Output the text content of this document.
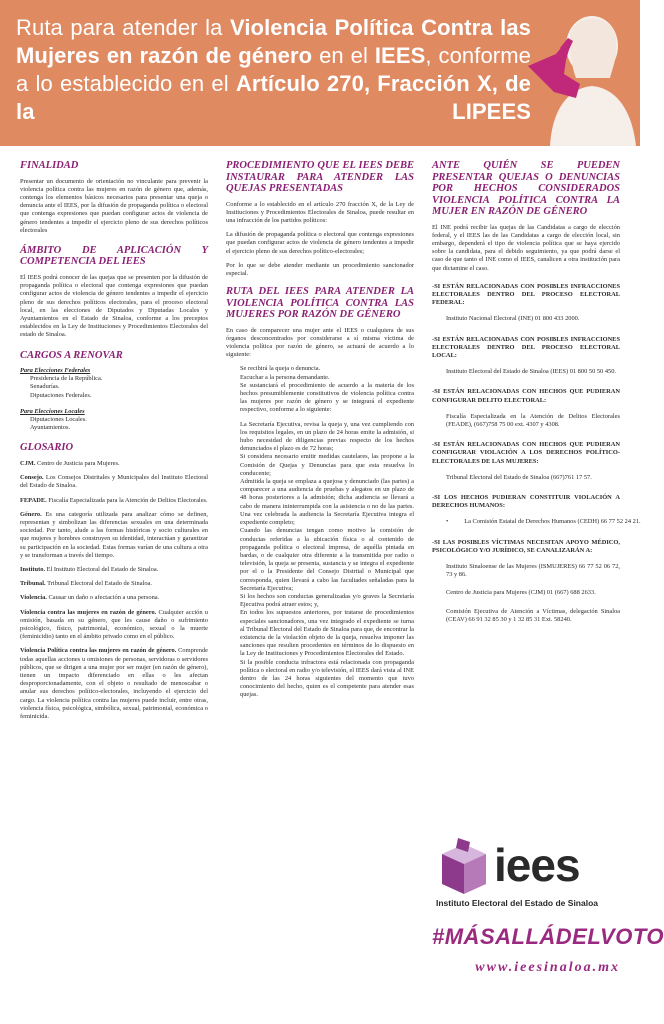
Ruta para atender la Violencia Política Contra las Mujeres en razón de género en el IEES, conforme a lo establecido en el Artículo 270, Fracción X, de la LIPEES
FINALIDAD
Presentar un documento de orientación no vinculante para prevenir la violencia política contra las mujeres en razón de género que, además, contenga los elementos básicos necesarios para presentar una queja o denuncia ante el IEES, por la difusión de propaganda política o electoral que contenga expresiones que puedan configurar actos de violencia de género tendentes a impedir el ejercicio pleno de sus derechos políticos electorales
ÁMBITO DE APLICACIÓN Y COMPETENCIA DEL IEES
El IEES podrá conocer de las quejas que se presenten por la difusión de propaganda política o electoral que contenga expresiones que puedan configurar actos de violencia de género tendentes a impedir el ejercicio pleno de sus derechos políticos electorales, para el proceso electoral local, en las elecciones de Diputados y Diputadas Locales y Ayuntamientos en el Estado de Sinaloa, conforme a los preceptos establecidos en la Ley de Instituciones y Procedimientos Electorales del estado de Sinaloa.
CARGOS A RENOVAR
Para Elecciones Federales
Presidencia de la República.
Senadurías.
Diputaciones Federales.
Para Elecciones Locales
Diputaciones Locales.
Ayuntamientos.
GLOSARIO
CJM. Centro de Justicia para Mujeres.
Consejo. Los Consejos Distritales y Municipales del Instituto Electoral del Estado de Sinaloa.
FEPADE. Fiscalía Especializada para la Atención de Delitos Electorales.
Género. Es una categoría utilizada para analizar cómo se definen, representan y simbolizan las diferencias sexuales en una determinada sociedad. Por tanto, alude a las formas históricas y socio culturales en que mujeres y hombres construyen su identidad, interactúan y garantizar su participación en la sociedad. Estas formas varían de una cultura a otra y se transforman a través del tiempo.
Instituto. El Instituto Electoral del Estado de Sinaloa.
Tribunal. Tribunal Electoral del Estado de Sinaloa.
Violencia. Causar un daño o afectación a una persona.
Violencia contra las mujeres en razón de género. Cualquier acción u omisión, basada en su género, que les cause daño o sufrimiento psicológico, físico, patrimonial, económico, sexual o la muerte (feminicidio) tanto en el ámbito privado como en el público.
Violencia Política contra las mujeres en razón de género. Comprende todas aquellas acciones u omisiones de personas, servidoras o servidores públicos, que se dirigen a una mujer por ser mujer (en razón de género), tienen un impacto diferenciado en ellas o les afectan desproporcionadamente, con el objeto o resultado de menoscabar o anular sus derechos político-electorales, incluyendo el ejercicio del cargo. La violencia política contra las mujeres puede incluir, entre otras, violencia física, psicológica, simbólica, sexual, patrimonial, económica o feminicida.
PROCEDIMIENTO QUE EL IEES DEBE INSTAURAR PARA ATENDER LAS QUEJAS PRESENTADAS
Conforme a lo establecido en el artículo 270 fracción X, de la Ley de Instituciones y Procedimientos Electorales de Sinaloa, puede resultar en una infracción de los partidos políticos:
La difusión de propaganda política o electoral que contenga expresiones que puedan configurar actos de violencia de género tendentes a impedir el ejercicio pleno de sus derechos político-electorales;
Por lo que se debe atender mediante un procedimiento sancionador especial.
RUTA DEL IEES PARA ATENDER LA VIOLENCIA POLÍTICA CONTRA LAS MUJERES POR RAZÓN DE GÉNERO
En caso de comparecer una mujer ante el IEES o cualquiera de sus órganos desconcentrados por considerarse a sí misma víctima de violencia política por razón de género, se actuará de acuerdo a lo siguiente:
Se recibirá la queja o denuncia.
Escuchar a la persona demandante.
Se sustanciará el procedimiento de acuerdo a la materia de los hechos presumiblemente constitutivos de violencia política contra las mujeres por razón de género y se integrará el expediente respectivo, conforme a lo siguiente:
La Secretaría Ejecutiva, revisa la queja y, una vez cumpliendo con los requisitos legales, en un plazo de 24 horas emite la admisión, si hubo necesidad de diligencias previas respecto de los hechos denunciados el plazo es de 72 horas;
Si considera necesario emitir medidas cautelares, las propone a la Comisión de Quejas y Denuncias para que esta resuelva lo conducente;
Admitida la queja se emplaza a quejosa y denunciado (las partes) a comparecer a una audiencia de pruebas y alegatos en un plazo de 48 horas posteriores a la admisión; dicha audiencia se llevará a cabo de manera ininterrumpida con la asistencia o no de las partes. Una vez celebrada la audiencia la Secretaría Ejecutiva integra el expediente completo;
Cuando las denuncias tengan como motivo la comisión de conductas referidas a la ubicación física o al contenido de propaganda política o electoral impresa, de aquélla pintada en bardas, o de cualquier otra diferente a la transmitida por radio o televisión, la queja se presenta, sustancia y se integra el expediente por el o la Presidente del Consejo Distrital o Municipal que corresponda, quien llevará a cabo las facultades señaladas para la Secretaría Ejecutiva;
Si los hechos son conductas generalizadas y/o graves la Secretaría Ejecutiva podrá atraer estos; y,
En todos los supuestos anteriores, por tratarse de procedimientos especiales sancionadores, una vez integrado el expediente se turna al Tribunal Electoral del Estado de Sinaloa para que, de encontrar la existencia de la violación objeto de la queja, resuelva imponer las sanciones que resulten procedentes en términos de lo dispuesto en la Ley de Instituciones y Procedimientos Electorales del Estado.
Si la posible conducta infractora está relacionada con propaganda política o electoral en radio y/o televisión, el IEES dará vista al INE dentro de las 24 horas siguientes del momento que tuvo conocimiento del hecho, quien es el competente para atender esas quejas.
ANTE QUIÉN SE PUEDEN PRESENTAR QUEJAS O DENUNCIAS POR HECHOS CONSIDERADOS VIOLENCIA POLÍTICA CONTRA LA MUJER EN RAZÓN DE GÉNERO
El INE podrá recibir las quejas de las Candidatas a cargo de elección federal, y el IEES las de las Candidatas a cargo de elección local, sin embargo, dependerá el tipo de violencia política que se haya ejercido sobre la candidata, para el debido seguimiento, ya que podrá darse el caso de que tanto el INE como el IEES, canalicen a otra institución para que dictamine el caso.
-SI ESTÁN RELACIONADAS CON POSIBLES INFRACCIONES ELECTORALES DENTRO DEL PROCESO ELECTORAL FEDERAL:
Instituto Nacional Electoral (INE) 01 800 433 2000.
-SI ESTÁN RELACIONADAS CON POSIBLES INFRACCIONES ELECTORALES DENTRO DEL PROCESO ELECTORAL LOCAL:
Instituto Electoral del Estado de Sinaloa (IEES) 01 800 50 50 450.
-SI ESTÁN RELACIONADAS CON HECHOS QUE PUDIERAN CONFIGURAR DELITO ELECTORAL:
Fiscalía Especializada en la Atención de Delitos Electorales (FEADE), (667)758 75 00 ext. 4307 y 4308.
-SI ESTÁN RELACIONADAS CON HECHOS QUE PUDIERAN CONFIGURAR VIOLACIÓN A LOS DERECHOS POLÍTICO-ELECTORALES DE LAS MUJERES:
Tribunal Electoral del Estado de Sinaloa (667)761 17 57.
-SI LOS HECHOS PUDIERAN CONSTITUIR VIOLACIÓN A DERECHOS HUMANOS:
•          La Comisión Estatal de Derechos Humanos (CEDH) 66 77 52 24 21.
-SI LAS POSIBLES VÍCTIMAS NECESITAN APOYO MÉDICO, PSICOLÓGICO Y/O JURÍDICO, SE CANALIZARÁN A:
Instituto Sinaloense de las Mujeres (ISMUJERES) 66 77 52 06 72, 73 y 86.
Centro de Justicia para Mujeres (CJM) 01 (667) 688 2633.
Comisión Ejecutiva de Atención a Víctimas, delegación Sinaloa (CEAV) 66 91 32 85 30 y 1 32 85 31 Ext. 58240.
iees
Instituto Electoral del Estado de Sinaloa
#MÁSALLÁDELVOTO
www.ieesinaloa.mx
